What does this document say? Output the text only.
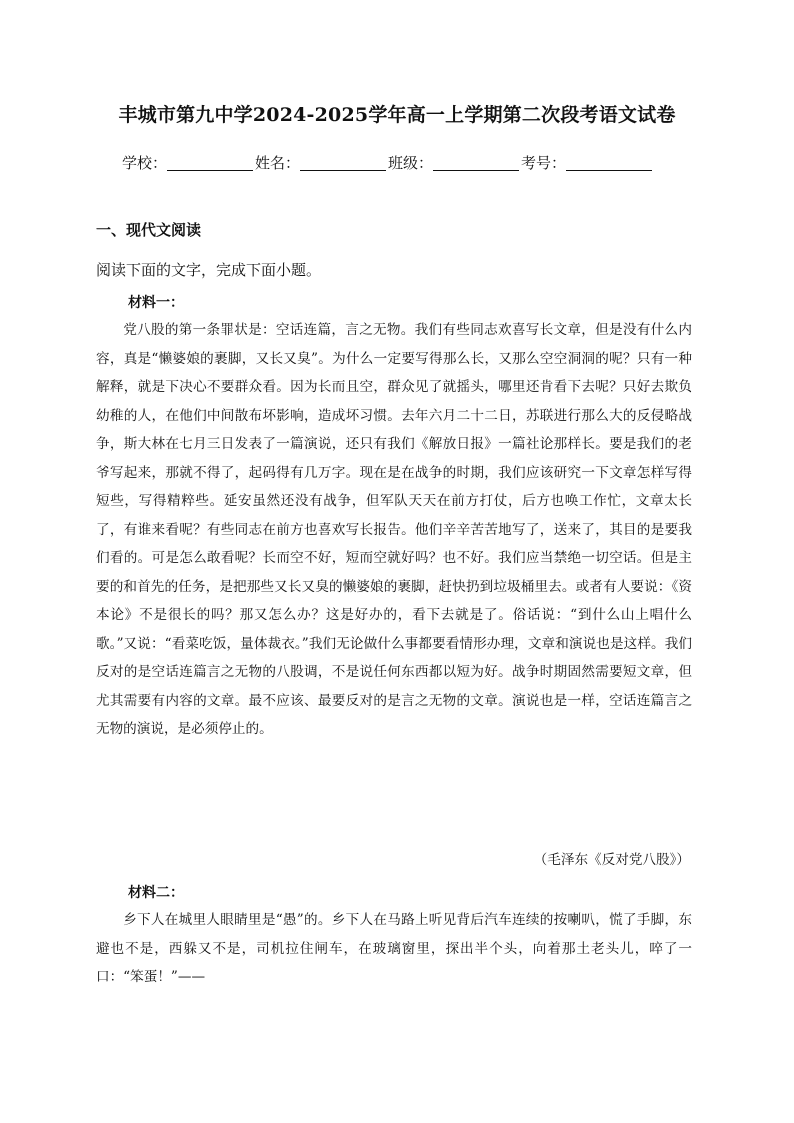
丰城市第九中学2024-2025学年高一上学期第二次段考语文试卷
学校：	姓名：	班级：	考号：
一、现代文阅读
阅读下面的文字，完成下面小题。
材料一：

党八股的第一条罪状是：空话连篇，言之无物。我们有些同志欢喜写长文章，但是没有什么内容，真是“懒婆娘的裹脚，又长又臭”。为什么一定要写得那么长，又那么空空洞洞的呢？只有一种解释，就是下决心不要群众看。因为长而且空，群众见了就摇头，哪里还肯看下去呢？只好去欺负幼稚的人，在他们中间散布坏影响，造成坏习惯。去年六月二十二日，苏联进行那么大的反侵略战争，斯大林在七月三日发表了一篇演说，还只有我们《解放日报》一篇社论那样长。要是我们的老爷写起来，那就不得了，起码得有几万字。现在是在战争的时期，我们应该研究一下文章怎样写得短些，写得精粹些。延安虽然还没有战争，但军队天天在前方打仗，后方也唤工作忙，文章太长了，有谁来看呢？有些同志在前方也喜欢写长报告。他们辛辛苦苦地写了，送来了，其目的是要我们看的。可是怎么敢看呢？长而空不好，短而空就好吗？也不好。我们应当禁绝一切空话。但是主要的和首先的任务，是把那些又长又臭的懒婆娘的裹脚，赶快扔到垃圾桶里去。或者有人要说：《资本论》不是很长的吗？那又怎么办？这是好办的，看下去就是了。俗话说：“到什么山上唱什么歌。”又说：“看菜吃饭，量体裁衣。”我们无论做什么事都要看情形办理，文章和演说也是这样。我们反对的是空话连篇言之无物的八股调，不是说任何东西都以短为好。战争时期固然需要短文章，但尤其需要有内容的文章。最不应该、最要反对的是言之无物的文章。演说也是一样，空话连篇言之无物的演说，是必须停止的。

（毛泽东《反对党八股》）
材料二：

乡下人在城里人眼睛里是“愚”的。乡下人在马路上听见背后汽车连续的按喇叭，慌了手脚，东避也不是，西躲又不是，司机拉住闸车，在玻璃窗里，探出半个头，向着那土老头儿，啐了一口：“笨蛋！”——
